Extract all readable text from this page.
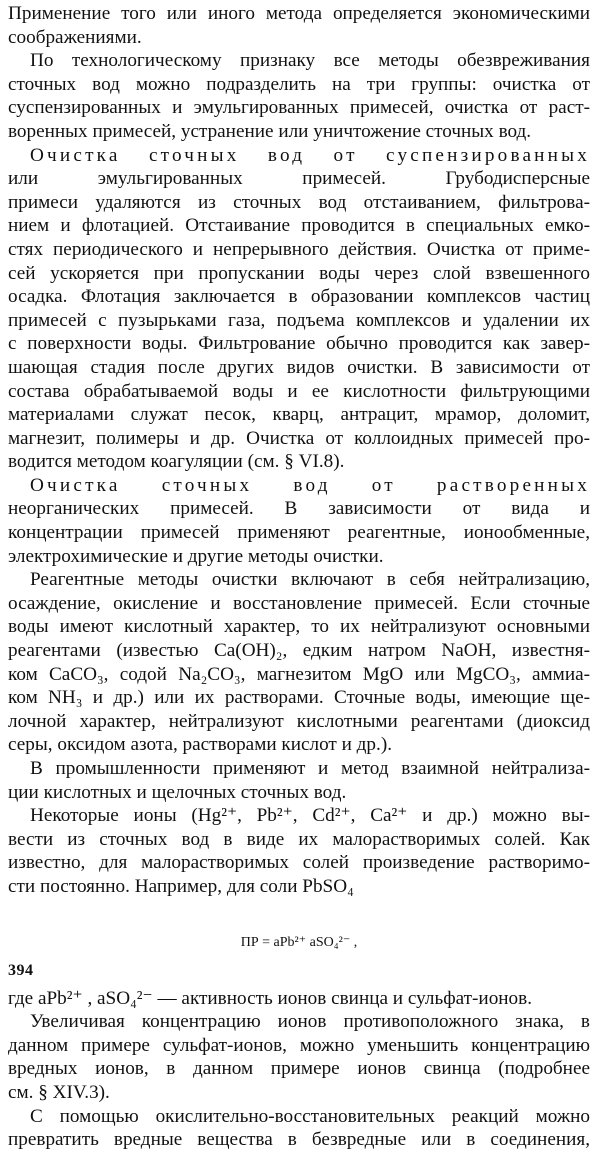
Применение того или иного метода определяется экономическими
соображениями.
По технологическому признаку все методы обезвреживания
сточных вод можно подразделить на три группы: очистка от
суспензированных и эмульгированных примесей, очистка от раст-
воренных примесей, устранение или уничтожение сточных вод.
Очистка сточных вод от суспензированных
или эмульгированных примесей. Грубодисперсные
примеси удаляются из сточных вод отстаиванием, фильтрова-
нием и флотацией. Отстаивание проводится в специальных емко-
стях периодического и непрерывного действия. Очистка от приме-
сей ускоряется при пропускании воды через слой взвешенного
осадка. Флотация заключается в образовании комплексов частиц
примесей с пузырьками газа, подъема комплексов и удалении их
с поверхности воды. Фильтрование обычно проводится как завер-
шающая стадия после других видов очистки. В зависимости от
состава обрабатываемой воды и ее кислотности фильтрующими
материалами служат песок, кварц, антрацит, мрамор, доломит,
магнезит, полимеры и др. Очистка от коллоидных примесей про-
водится методом коагуляции (см. § VI.8).
Очистка сточных вод от растворенных
неорганических примесей. В зависимости от вида и
концентрации примесей применяют реагентные, ионообменные,
электрохимические и другие методы очистки.
Реагентные методы очистки включают в себя нейтрализацию,
осаждение, окисление и восстановление примесей. Если сточные
воды имеют кислотный характер, то их нейтрализуют основными
реагентами (известью Ca(OH)₂, едким натром NaOH, известня-
ком CaCO₃, содой Na₂CO₃, магнезитом MgO или MgCO₃, аммиа-
ком NH₃ и др.) или их растворами. Сточные воды, имеющие ще-
лочной характер, нейтрализуют кислотными реагентами (диоксид
серы, оксидом азота, растворами кислот и др.).
В промышленности применяют и метод взаимной нейтрализа-
ции кислотных и щелочных сточных вод.
Некоторые ионы (Hg²⁺, Pb²⁺, Cd²⁺, Ca²⁺ и др.) можно вы-
вести из сточных вод в виде их малорастворимых солей. Как
известно, для малорастворимых солей произведение растворимо-
сти постоянно. Например, для соли PbSO₄
ПР = aPb²⁺ aSO₄²⁻ ,
где aPb²⁺ , aSO₄²⁻ — активность ионов свинца и сульфат-ионов.
Увеличивая концентрацию ионов противоположного знака, в
данном примере сульфат-ионов, можно уменьшить концентрацию
вредных ионов, в данном примере ионов свинца (подробнее
см. § XIV.3).
С помощью окислительно-восстановительных реакций можно
превратить вредные вещества в безвредные или в соединения,
394
